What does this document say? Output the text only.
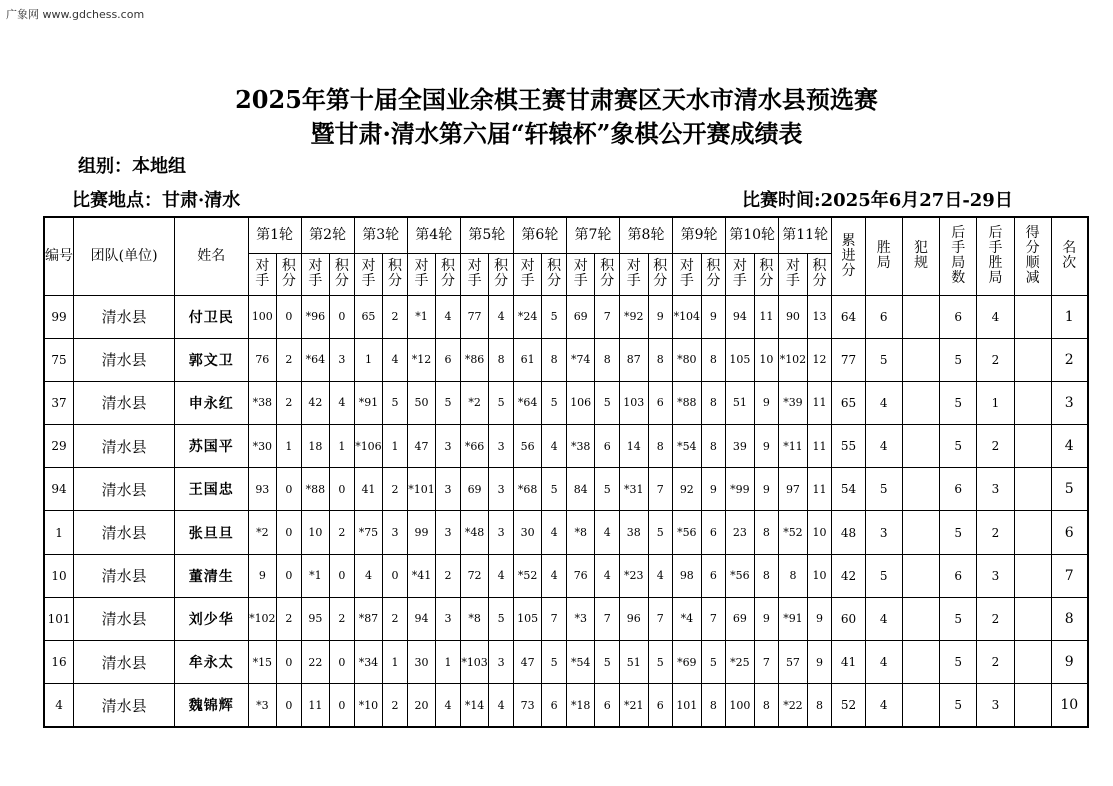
广象网 www.gdchess.com
2025年第十届全国业余棋王赛甘肃赛区天水市清水县预选赛
暨甘肃·清水第六届“轩辕杯”象棋公开赛成绩表
组别：本地组
比赛地点：甘肃·清水	比赛时间:2025年6月27日-29日
编号	团队(单位)	姓名	第1轮		第2轮		第3轮		第4轮		第5轮		第6轮		第7轮		第8轮		第9轮		第10轮		第11轮		累进分	胜局	犯规	后手局数	后手胜局	得分顺减	名次
			对手	积分	对手	积分	对手	积分	对手	积分	对手	积分	对手	积分	对手	积分	对手	积分	对手	积分	对手	积分	对手	积分							
99	清水县	付卫民	100	0	*96	0	65	2	*1	4	77	4	*24	5	69	7	*92	9	*104	9	94	11	90	13	64	6		6	4		1
75	清水县	郭文卫	76	2	*64	3	1	4	*12	6	*86	8	61	8	*74	8	87	8	*80	8	105	10	*102	12	77	5		5	2		2
37	清水县	申永红	*38	2	42	4	*91	5	50	5	*2	5	*64	5	106	5	103	6	*88	8	51	9	*39	11	65	4		5	1		3
29	清水县	苏国平	*30	1	18	1	*106	1	47	3	*66	3	56	4	*38	6	14	8	*54	8	39	9	*11	11	55	4		5	2		4
94	清水县	王国忠	93	0	*88	0	41	2	*101	3	69	3	*68	5	84	5	*31	7	92	9	*99	9	97	11	54	5		6	3		5
1	清水县	张旦旦	*2	0	10	2	*75	3	99	3	*48	3	30	4	*8	4	38	5	*56	6	23	8	*52	10	48	3		5	2		6
10	清水县	董清生	9	0	*1	0	4	0	*41	2	72	4	*52	4	76	4	*23	4	98	6	*56	8	8	10	42	5		6	3		7
101	清水县	刘少华	*102	2	95	2	*87	2	94	3	*8	5	105	7	*3	7	96	7	*4	7	69	9	*91	9	60	4		5	2		8
16	清水县	牟永太	*15	0	22	0	*34	1	30	1	*103	3	47	5	*54	5	51	5	*69	5	*25	7	57	9	41	4		5	2		9
4	清水县	魏锦辉	*3	0	11	0	*10	2	20	4	*14	4	73	6	*18	6	*21	6	101	8	100	8	*22	8	52	4		5	3		10
